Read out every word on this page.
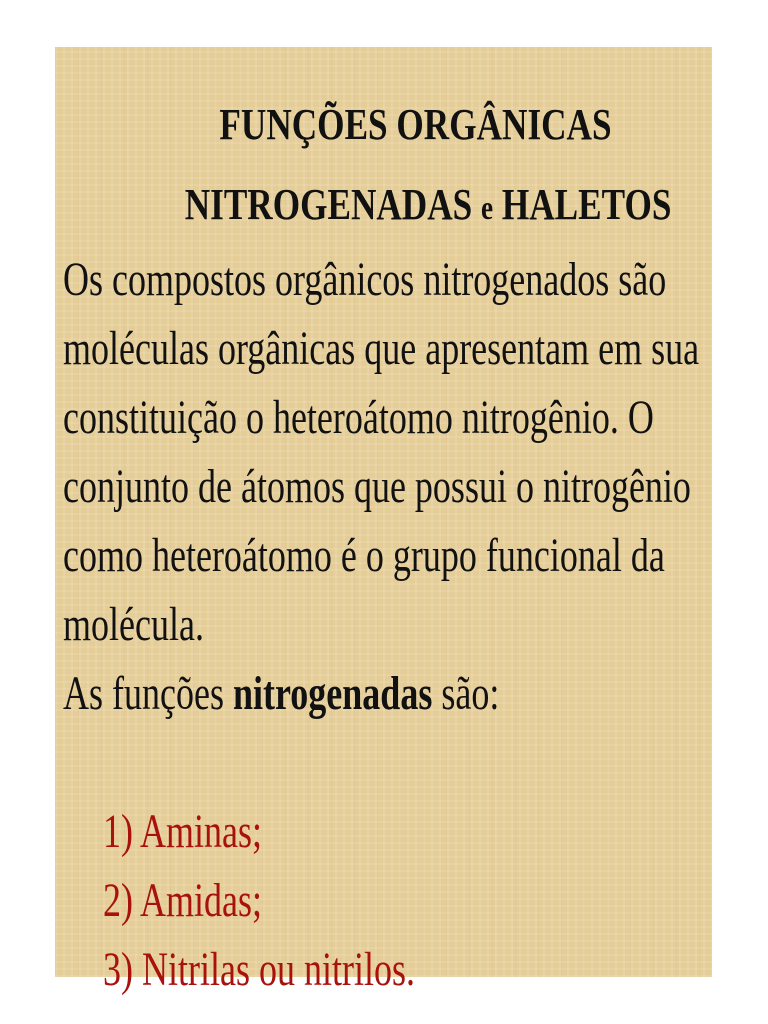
FUNÇÕES ORGÂNICAS
NITROGENADAS e HALETOS
Os compostos orgânicos nitrogenados são
moléculas orgânicas que apresentam em sua
constituição o heteroátomo nitrogênio. O
conjunto de átomos que possui o nitrogênio
como heteroátomo é o grupo funcional da
molécula.
As funções nitrogenadas são:
1) Aminas;
2) Amidas;
3) Nitrilas ou nitrilos.
